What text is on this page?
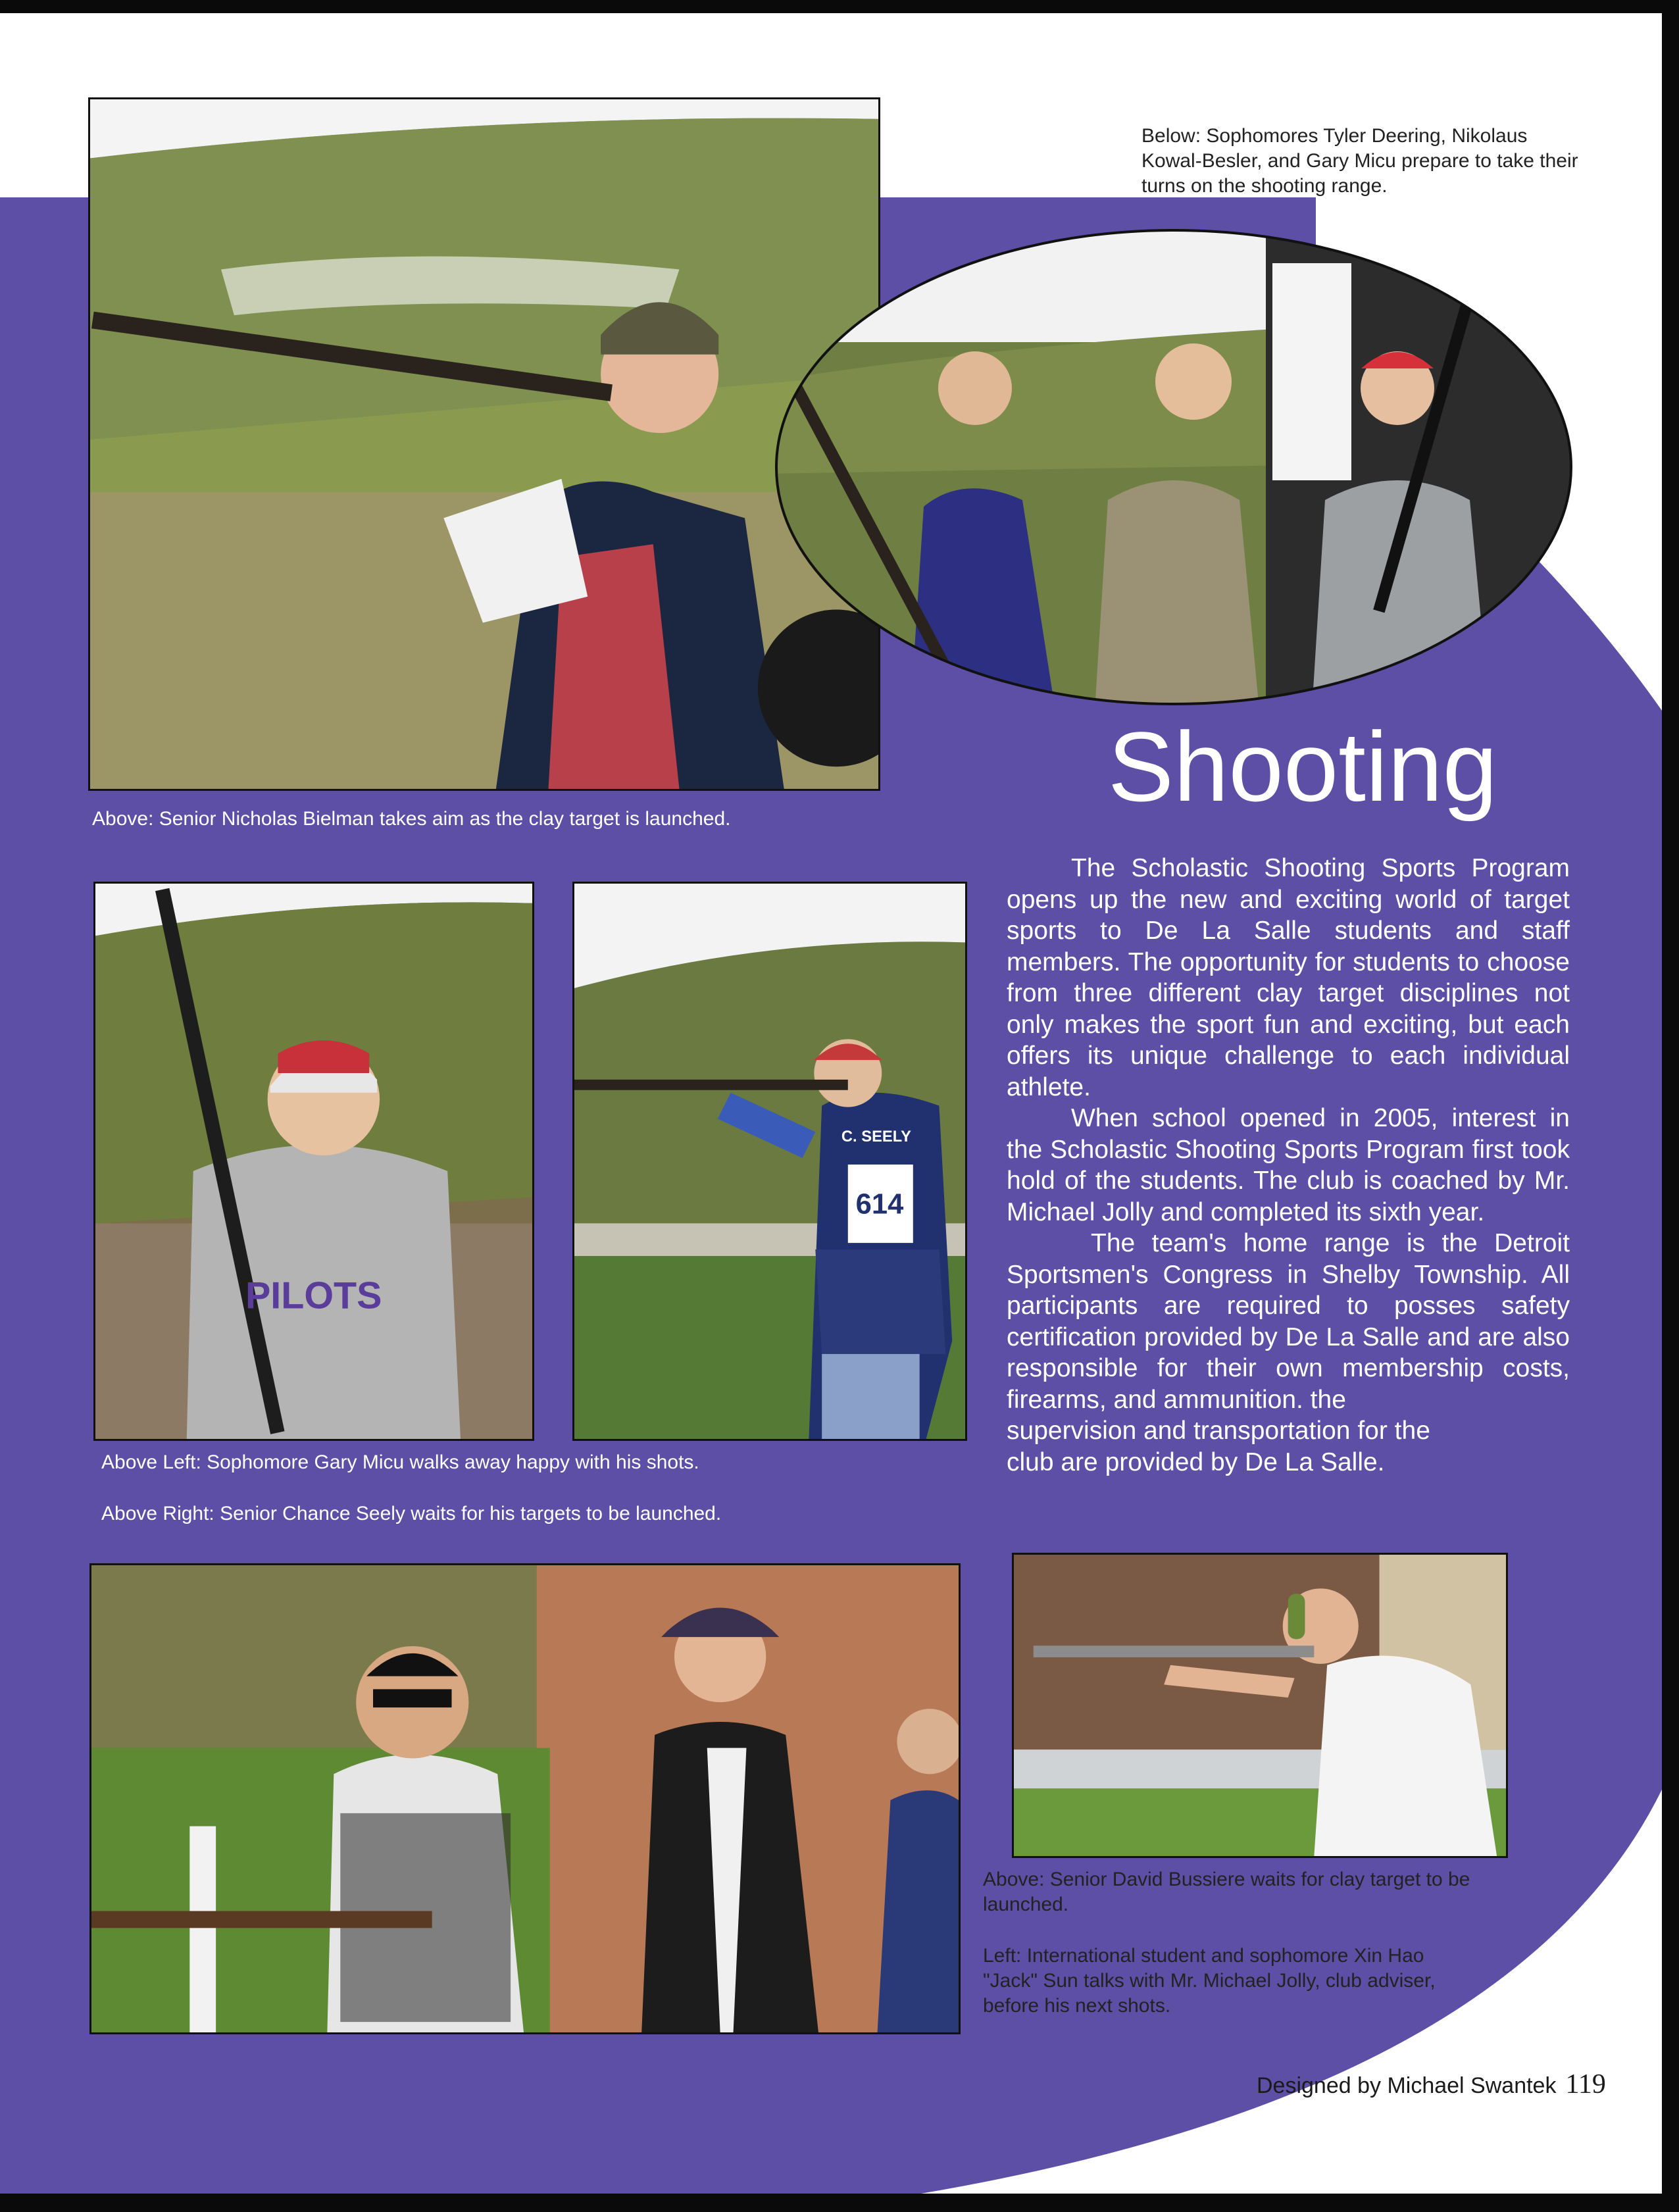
Above: Senior Nicholas Bielman takes aim as the clay target is launched.
Below: Sophomores Tyler Deering, Nikolaus Kowal-Besler, and Gary Micu prepare to take their turns on the shooting range.
Shooting
PILOTS
614
C. SEELY
Above Left: Sophomore Gary Micu walks away happy with his shots.
Above Right: Senior Chance Seely waits for his targets to be launched.

The Scholastic Shooting Sports Program opens up the new and exciting world of target sports to De La Salle students and staff members. The opportunity for students to choose from three different clay target disciplines not only makes the sport fun and exciting, but each offers its unique challenge to each individual athlete.

When school opened in 2005, interest in the Scholastic Shooting Sports Program first took hold of the students. The club is coached by Mr. Michael Jolly and completed its sixth year.

The team's home range is the Detroit Sportsmen's Congress in Shelby Township. All participants are required to posses safety certification provided by De La Salle and are also responsible for their own membership costs, firearms, and ammunition. the

supervision and transportation for the club are provided by De La Salle.

Above: Senior David Bussiere waits for clay target to be launched.
Left: International student and sophomore Xin Hao "Jack" Sun talks with Mr. Michael Jolly, club adviser, before his next shots.
Designed by Michael Swantek 119
